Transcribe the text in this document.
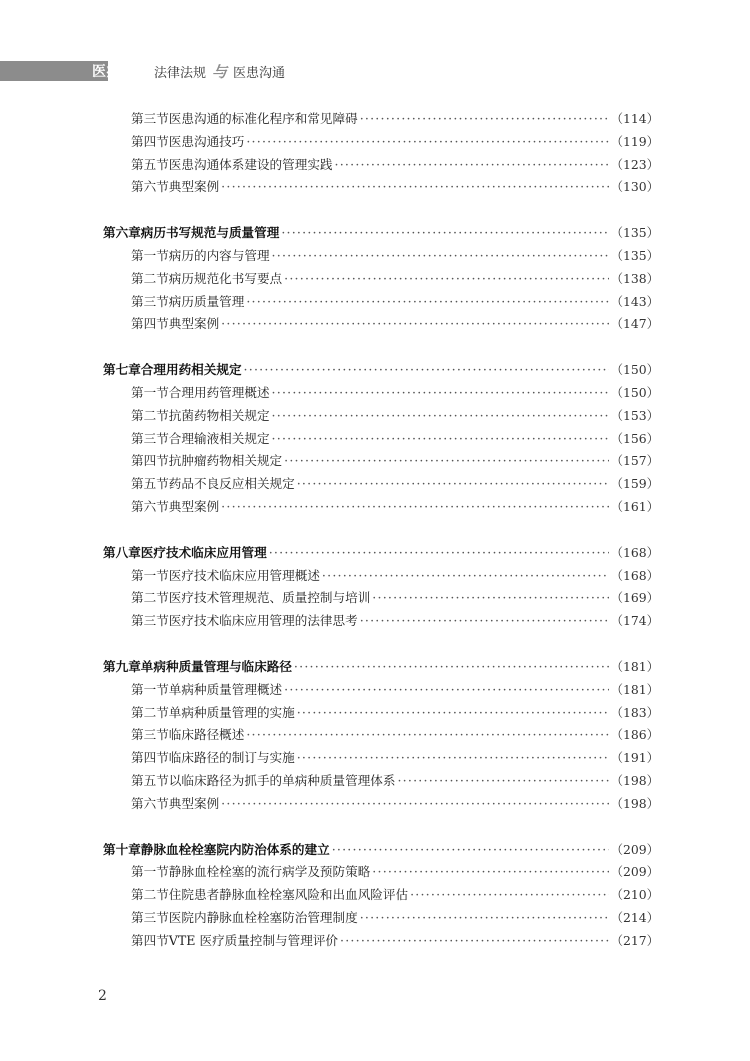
医疗卫生 法律法规 与 医患沟通
第三节 医患沟通的标准化程序和常见障碍 ·····	（114）
第四节 医患沟通技巧 ·····	（119）
第五节 医患沟通体系建设的管理实践 ·····	（123）
第六节 典型案例 ·····	（130）
第六章 病历书写规范与质量管理 ·····	（135）
第一节 病历的内容与管理 ·····	（135）
第二节 病历规范化书写要点 ·····	（138）
第三节 病历质量管理 ·····	（143）
第四节 典型案例 ·····	（147）
第七章 合理用药相关规定 ·····	（150）
第一节 合理用药管理概述 ·····	（150）
第二节 抗菌药物相关规定 ·····	（153）
第三节 合理输液相关规定 ·····	（156）
第四节 抗肿瘤药物相关规定 ·····	（157）
第五节 药品不良反应相关规定 ·····	（159）
第六节 典型案例 ·····	（161）
第八章 医疗技术临床应用管理 ·····	（168）
第一节 医疗技术临床应用管理概述 ·····	（168）
第二节 医疗技术管理规范、质量控制与培训 ·····	（169）
第三节 医疗技术临床应用管理的法律思考 ·····	（174）
第九章 单病种质量管理与临床路径 ·····	（181）
第一节 单病种质量管理概述 ·····	（181）
第二节 单病种质量管理的实施 ·····	（183）
第三节 临床路径概述 ·····	（186）
第四节 临床路径的制订与实施 ·····	（191）
第五节 以临床路径为抓手的单病种质量管理体系 ·····	（198）
第六节 典型案例 ·····	（198）
第十章 静脉血栓栓塞院内防治体系的建立 ·····	（209）
第一节 静脉血栓栓塞的流行病学及预防策略 ·····	（209）
第二节 住院患者静脉血栓栓塞风险和出血风险评估 ·····	（210）
第三节 医院内静脉血栓栓塞防治管理制度 ·····	（214）
第四节 VTE 医疗质量控制与管理评价 ·····	（217）
2
